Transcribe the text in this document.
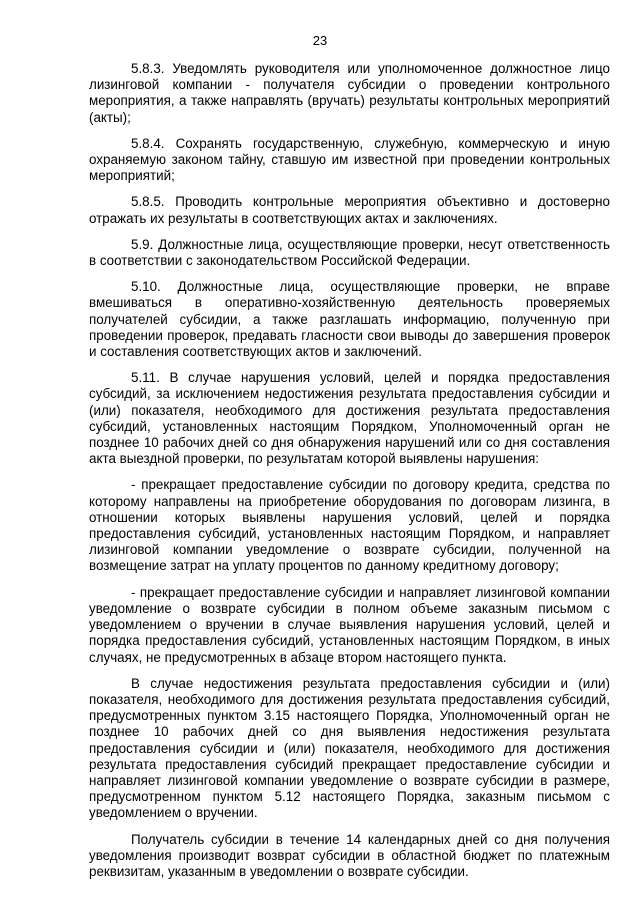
23

5.8.3. Уведомлять руководителя или уполномоченное должностное лицо лизинговой компании - получателя субсидии о проведении контрольного мероприятия, а также направлять (вручать) результаты контрольных мероприятий (акты);

5.8.4. Сохранять государственную, служебную, коммерческую и иную охраняемую законом тайну, ставшую им известной при проведении контрольных мероприятий;

5.8.5. Проводить контрольные мероприятия объективно и достоверно отражать их результаты в соответствующих актах и заключениях.

5.9. Должностные лица, осуществляющие проверки, несут ответственность в соответствии с законодательством Российской Федерации.

5.10. Должностные лица, осуществляющие проверки, не вправе вмешиваться в оперативно-хозяйственную деятельность проверяемых получателей субсидии, а также разглашать информацию, полученную при проведении проверок, предавать гласности свои выводы до завершения проверок и составления соответствующих актов и заключений.

5.11. В случае нарушения условий, целей и порядка предоставления субсидий, за исключением недостижения результата предоставления субсидии и (или) показателя, необходимого для достижения результата предоставления субсидий, установленных настоящим Порядком, Уполномоченный орган не позднее 10 рабочих дней со дня обнаружения нарушений или со дня составления акта выездной проверки, по результатам которой выявлены нарушения:

- прекращает предоставление субсидии по договору кредита, средства по которому направлены на приобретение оборудования по договорам лизинга, в отношении которых выявлены нарушения условий, целей и порядка предоставления субсидий, установленных настоящим Порядком, и направляет лизинговой компании уведомление о возврате субсидии, полученной на возмещение затрат на уплату процентов по данному кредитному договору;

- прекращает предоставление субсидии и направляет лизинговой компании уведомление о возврате субсидии в полном объеме заказным письмом с уведомлением о вручении в случае выявления нарушения условий, целей и порядка предоставления субсидий, установленных настоящим Порядком, в иных случаях, не предусмотренных в абзаце втором настоящего пункта.

В случае недостижения результата предоставления субсидии и (или) показателя, необходимого для достижения результата предоставления субсидий, предусмотренных пунктом 3.15 настоящего Порядка, Уполномоченный орган не позднее 10 рабочих дней со дня выявления недостижения результата предоставления субсидии и (или) показателя, необходимого для достижения результата предоставления субсидий прекращает предоставление субсидии и направляет лизинговой компании уведомление о возврате субсидии в размере, предусмотренном пунктом 5.12 настоящего Порядка, заказным письмом с уведомлением о вручении.

Получатель субсидии в течение 14 календарных дней со дня получения уведомления производит возврат субсидии в областной бюджет по платежным реквизитам, указанным в уведомлении о возврате субсидии.
